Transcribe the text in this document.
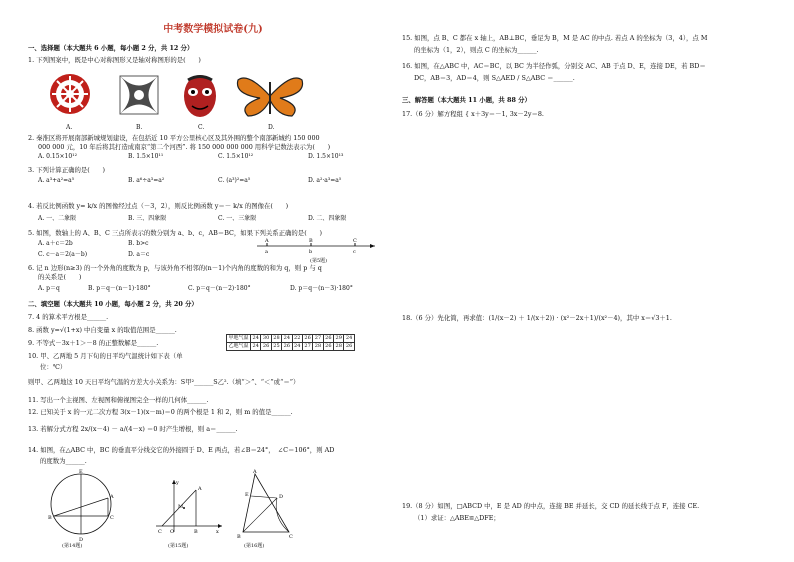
中考数学模拟试卷(九)
一、选择题（本大题共 6 小题，每小题 2 分，共 12 分）
1. 下列图案中，既是中心对称图形又是轴对称图形的是(　　)
A.	B.	C.	D.
2. 秦淮区将开展南部新城规划建设，在包括近 10 平方公里核心区及其外围的整个南部新城约 150 000
000 000 元，10 年后将其打造成南京“第二个河西”. 将 150 000 000 000 用科学记数法表示为(　　)
A. 0.15×10¹²	B. 1.5×10¹¹	C. 1.5×10¹²	D. 1.5×10¹³
3. 下列计算正确的是(　　)
A. a³+a²=a⁵	B. a⁶÷a³=a²	C. (a³)²=a⁵	D. a²·a³=a⁵
4. 若反比例函数 y= k/x 的图像经过点（－3，2），则反比例函数 y＝－ k/x 的图像在(　　)
A. 一、二象限	B. 三、四象限	C. 一、三象限	D. 二、四象限
5. 如图，数轴上的 A、B、C 三点所表示的数分别为 a、b、c，AB＝BC，如果下列关系正确的是(　　)
A. a＋c＝2b	B. b>c
C. c－a＝2(a－b)	D. a＝c
A	B	C
a	b	c
(第5题)
6. 记 n 边形(n≥3) 的一个外角的度数为 p，与该外角不相邻的(n－1)个内角的度数的和为 q，则 p 与 q
的关系是(　　)
A. p＝q	B. p＝q－(n－1)·180°	C. p＝q－(n－2)·180°	D. p＝q－(n－3)·180°
二、填空题（本大题共 10 小题，每小题 2 分，共 20 分）
7. 4 的算术平方根是______.
8. 函数 y=√(1+x) 中自变量 x 的取值范围是______.
9. 不等式－3x＋1＞－8 的正整数解是______.
10. 甲、乙两地 5 月下旬的日平均气温统计如下表（单
位：℃）
甲地气温	24	30	28	24	22	26	27	26	29	24
乙地气温	24	26	25	26	24	27	28	26	28	26
则甲、乙两地这 10 天日平均气温的方差大小关系为：S甲²______S乙².（填“＞”、“＜”或“＝”）
11. 写出一个主视图、左视图和俯视图完全一样的几何体______.
12. 已知关于 x 的一元二次方程 3(x－1)(x－m)＝0 的两个根是 1 和 2，则 m 的值是______.
13. 若解分式方程 2x/(x－4) － a/(4－x) ＝0 时产生增根，则 a＝______.
14. 如图，在△ABC 中，BC 的垂直平分线交它的外接圆于 D、E 两点，若∠B＝24°，　∠C＝106°，则 AD
的度数为______.
E
D
B	C
A
A
M
C O	B	x
y
A
B	C
E	D
(第14题)	(第15题)	(第16题)
15. 如图，点 B、C 都在 x 轴上，AB⊥BC，垂足为 B，M 是 AC 的中点. 若点 A 的坐标为（3，4），点 M
的坐标为（1，2），则点 C 的坐标为______.
16. 如图，在△ABC 中，AC＝BC，以 BC 为半径作弧，分别交 AC、AB 于点 D、E，连接 DE，若 BD＝
DC，AB＝3，AD＝4，则 S△AED / S△ABC ＝______.
三、解答题（本大题共 11 小题，共 88 分）
17.（6 分）解方程组 { x＋3y＝－1, 3x－2y＝8.
18.（6 分）先化简，再求值：(1/(x－2) ＋ 1/(x＋2)) · (x²－2x＋1)/(x²－4)，其中 x＝√3＋1.
19.（8 分）如图，□ABCD 中，E 是 AD 的中点，连接 BE 并延长，交 CD 的延长线于点 F，连接 CE.
（1）求证：△ABE≌△DFE；
